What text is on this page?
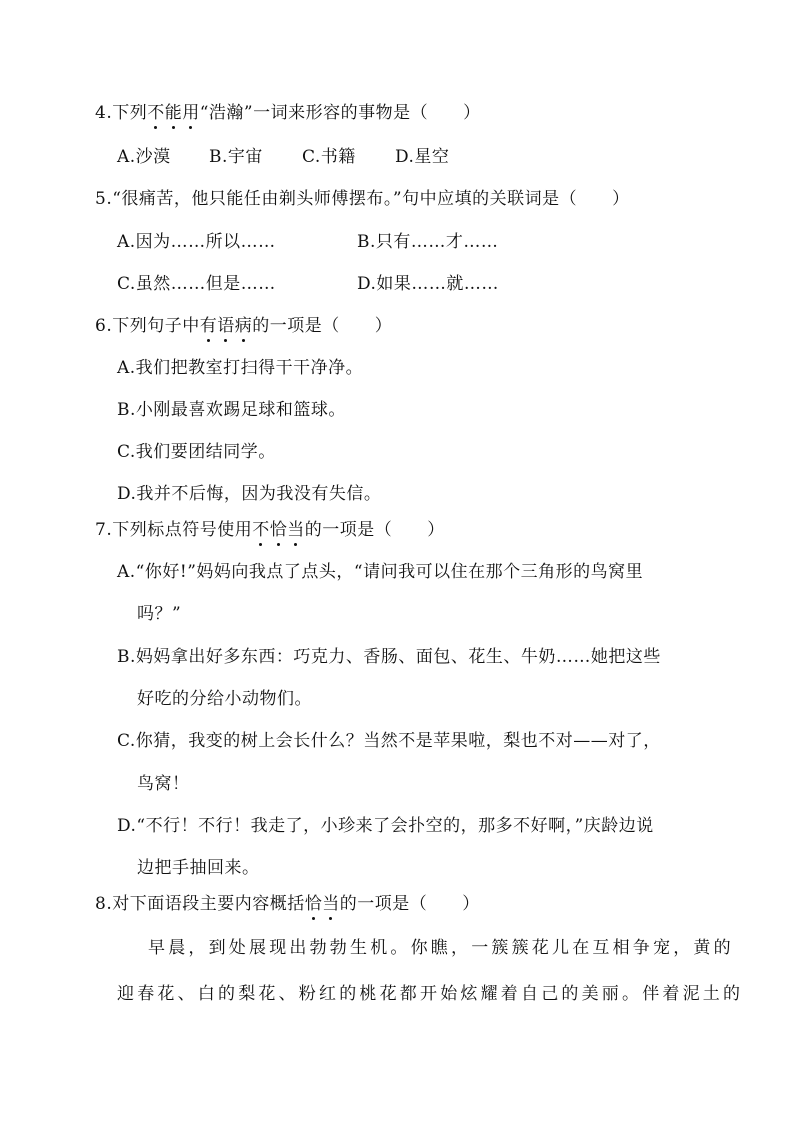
4.下列不能用“浩瀚”一词来形容的事物是（　　）
A.沙漠 B.宇宙 C.书籍 D.星空
5.“很痛苦，他只能任由剃头师傅摆布。”句中应填的关联词是（　　）
A.因为……所以……	B.只有……才……
C.虽然……但是……	D.如果……就……
6.下列句子中有语病的一项是（　　）
A.我们把教室打扫得干干净净。
B.小刚最喜欢踢足球和篮球。
C.我们要团结同学。
D.我并不后悔，因为我没有失信。
7.下列标点符号使用不恰当的一项是（　　）
A.“你好!”妈妈向我点了点头，“请问我可以住在那个三角形的鸟窝里
吗？”
B.妈妈拿出好多东西：巧克力、香肠、面包、花生、牛奶……她把这些
好吃的分给小动物们。
C.你猜，我变的树上会长什么？当然不是苹果啦，梨也不对——对了，
鸟窝！
D.“不行！不行！我走了，小珍来了会扑空的，那多不好啊，”庆龄边说
边把手抽回来。
8.对下面语段主要内容概括恰当的一项是（　　）
早晨，到处展现出勃勃生机。你瞧，一簇簇花儿在互相争宠，黄的
迎春花、白的梨花、粉红的桃花都开始炫耀着自己的美丽。伴着泥土的
